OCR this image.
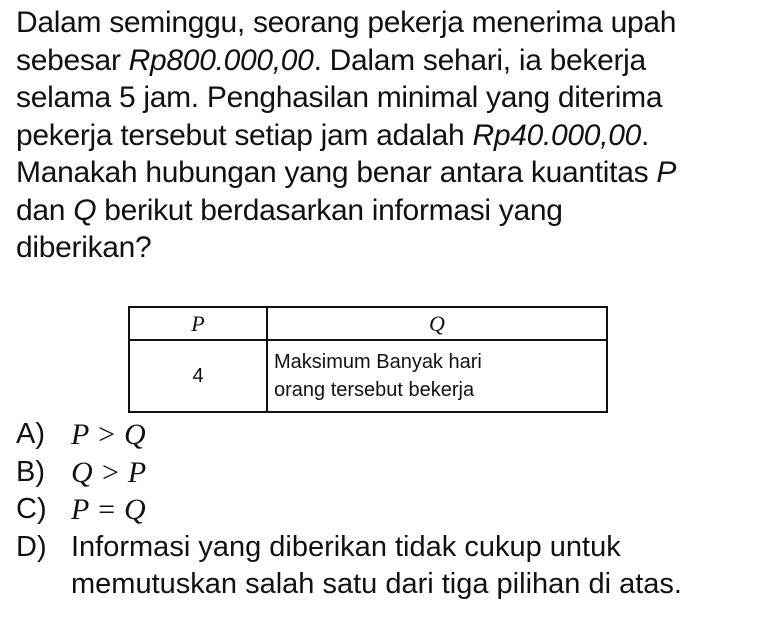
Dalam seminggu, seorang pekerja menerima upah
sebesar Rp800.000,00. Dalam sehari, ia bekerja
selama 5 jam. Penghasilan minimal yang diterima
pekerja tersebut setiap jam adalah Rp40.000,00.
Manakah hubungan yang benar antara kuantitas P
dan Q berikut berdasarkan informasi yang
diberikan?
P	Q
4	Maksimum Banyak hari
orang tersebut bekerja
A) P > Q
B) Q > P
C) P = Q
D) Informasi yang diberikan tidak cukup untuk memutuskan salah satu dari tiga pilihan di atas.
